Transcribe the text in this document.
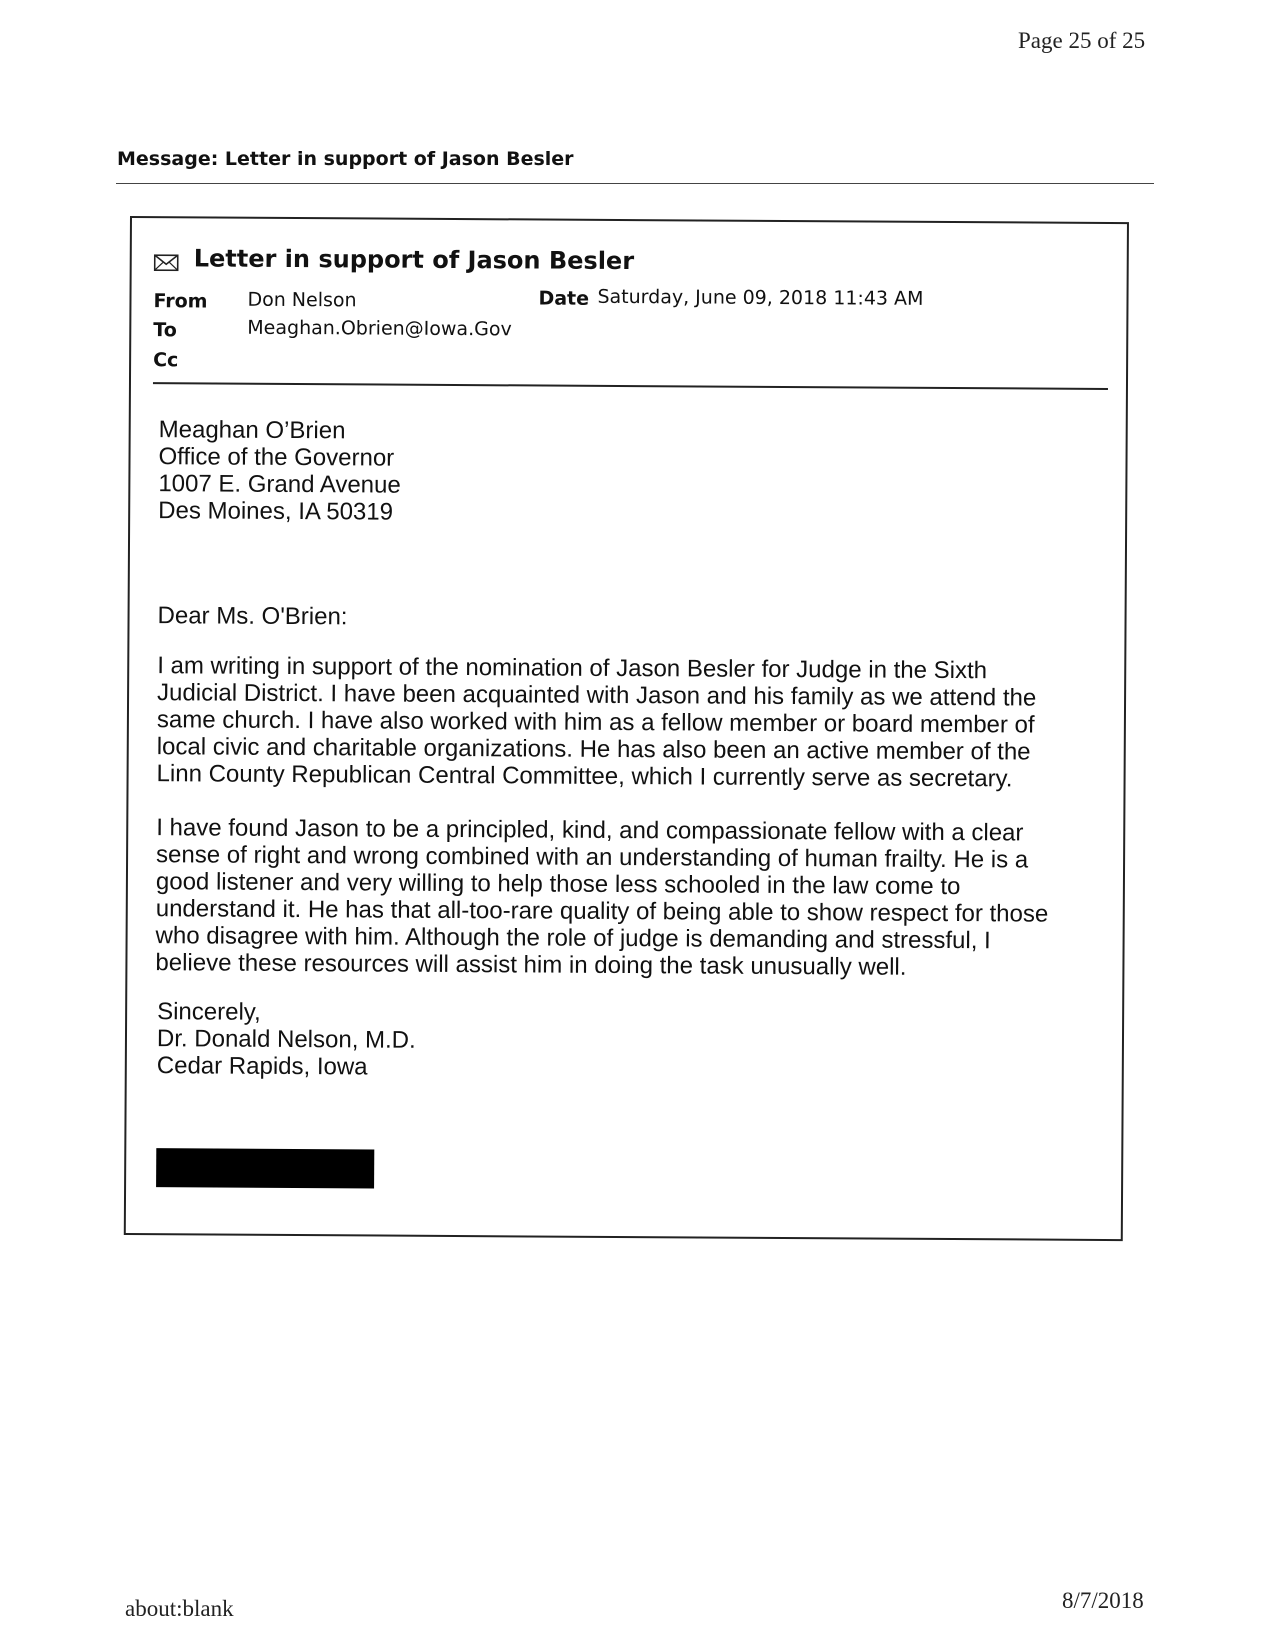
Page 25 of 25
Message: Letter in support of Jason Besler
Letter in support of Jason Besler
From Don Nelson
To	Meaghan.Obrien@Iowa.Gov
Cc
Date Saturday, June 09, 2018 11:43 AM

Meaghan O’Brien

Office of the Governor

1007 E. Grand Avenue

Des Moines, IA 50319

Dear Ms. O'Brien:

I am writing in support of the nomination of Jason Besler for Judge in the Sixth

Judicial District. I have been acquainted with Jason and his family as we attend the

same church. I have also worked with him as a fellow member or board member of

local civic and charitable organizations. He has also been an active member of the

Linn County Republican Central Committee, which I currently serve as secretary.

I have found Jason to be a principled, kind, and compassionate fellow with a clear

sense of right and wrong combined with an understanding of human frailty. He is a

good listener and very willing to help those less schooled in the law come to

understand it. He has that all-too-rare quality of being able to show respect for those

who disagree with him. Although the role of judge is demanding and stressful, I

believe these resources will assist him in doing the task unusually well.

Sincerely,

Dr. Donald Nelson, M.D.

Cedar Rapids, Iowa

about:blank	8/7/2018
